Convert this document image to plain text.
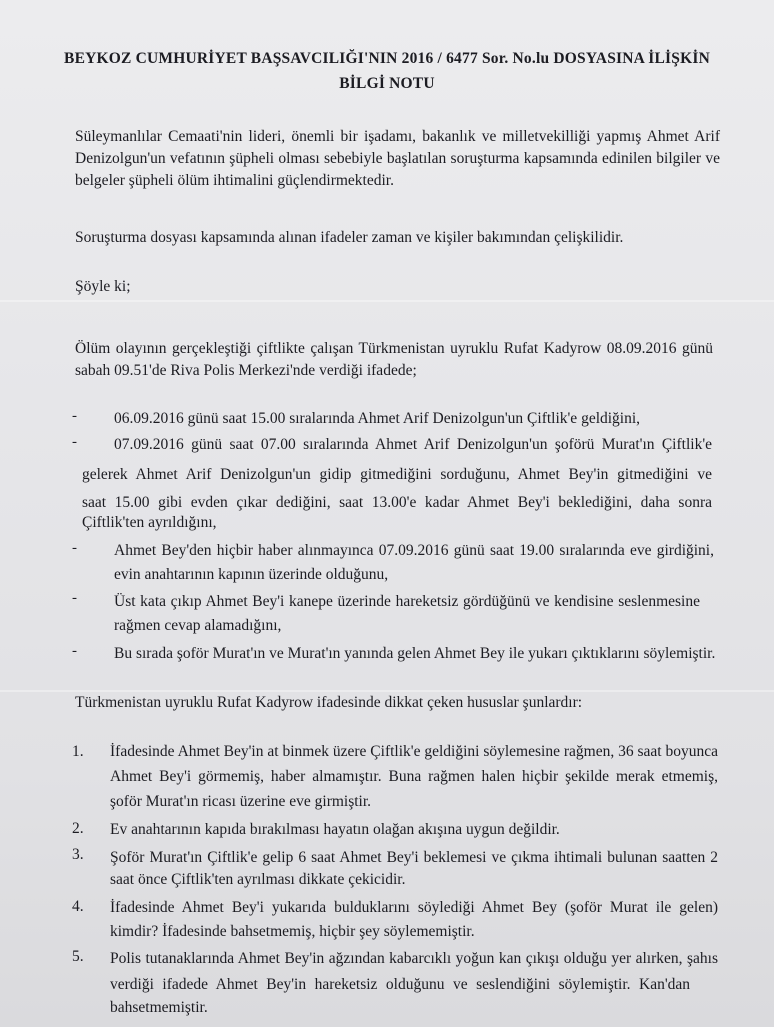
BEYKOZ CUMHURİYET BAŞSAVCILIĞI'NIN 2016 / 6477 Sor. No.lu DOSYASINA İLİŞKİN
BİLGİ NOTU
Süleymanlılar Cemaati'nin lideri, önemli bir işadamı, bakanlık ve milletvekilliği yapmış Ahmet Arif Denizolgun'un vefatının şüpheli olması sebebiyle başlatılan soruşturma kapsamında edinilen bilgiler ve belgeler şüpheli ölüm ihtimalini güçlendirmektedir.
Soruşturma dosyası kapsamında alınan ifadeler zaman ve kişiler bakımından çelişkilidir.
Şöyle ki;
Ölüm olayının gerçekleştiği çiftlikte çalışan Türkmenistan uyruklu Rufat Kadyrow 08.09.2016 günü
sabah 09.51'de Riva Polis Merkezi'nde verdiği ifadede;
- 06.09.2016 günü saat 15.00 sıralarında Ahmet Arif Denizolgun'un Çiftlik'e geldiğini,
- 07.09.2016 günü saat 07.00 sıralarında Ahmet Arif Denizolgun'un şoförü Murat'ın Çiftlik'e
gelerek Ahmet Arif Denizolgun'un gidip gitmediğini sorduğunu, Ahmet Bey'in gitmediğini ve
saat 15.00 gibi evden çıkar dediğini, saat 13.00'e kadar Ahmet Bey'i beklediğini, daha sonra
Çiftlik'ten ayrıldığını,
- Ahmet Bey'den hiçbir haber alınmayınca 07.09.2016 günü saat 19.00 sıralarında eve girdiğini,
evin anahtarının kapının üzerinde olduğunu,
- Üst kata çıkıp Ahmet Bey'i kanepe üzerinde hareketsiz gördüğünü ve kendisine seslenmesine
rağmen cevap alamadığını,
- Bu sırada şoför Murat'ın ve Murat'ın yanında gelen Ahmet Bey ile yukarı çıktıklarını söylemiştir.
Türkmenistan uyruklu Rufat Kadyrow ifadesinde dikkat çeken hususlar şunlardır:
1. İfadesinde Ahmet Bey'in at binmek üzere Çiftlik'e geldiğini söylemesine rağmen, 36 saat boyunca
Ahmet Bey'i görmemiş, haber almamıştır. Buna rağmen halen hiçbir şekilde merak etmemiş,
şoför Murat'ın ricası üzerine eve girmiştir.
2. Ev anahtarının kapıda bırakılması hayatın olağan akışına uygun değildir.
3. Şoför Murat'ın Çiftlik'e gelip 6 saat Ahmet Bey'i beklemesi ve çıkma ihtimali bulunan saatten 2
saat önce Çiftlik'ten ayrılması dikkate çekicidir.
4. İfadesinde Ahmet Bey'i yukarıda bulduklarını söylediği Ahmet Bey (şoför Murat ile gelen)
kimdir? İfadesinde bahsetmemiş, hiçbir şey söylememiştir.
5. Polis tutanaklarında Ahmet Bey'in ağzından kabarcıklı yoğun kan çıkışı olduğu yer alırken, şahıs
verdiği ifadede Ahmet Bey'in hareketsiz olduğunu ve seslendiğini söylemiştir. Kan'dan
bahsetmemiştir.
